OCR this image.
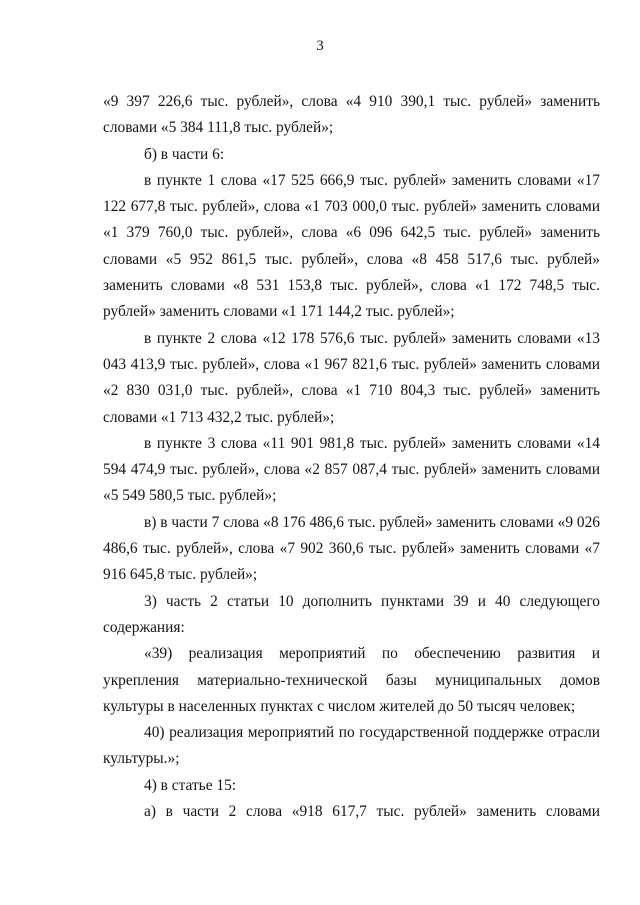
3

«9 397 226,6 тыс. рублей», слова «4 910 390,1 тыс. рублей» заменить словами «5 384 111,8 тыс. рублей»;

б) в части 6:

в пункте 1 слова «17 525 666,9 тыс. рублей» заменить словами «17 122 677,8 тыс. рублей», слова «1 703 000,0 тыс. рублей» заменить словами «1 379 760,0 тыс. рублей», слова «6 096 642,5 тыс. рублей» заменить словами «5 952 861,5 тыс. рублей», слова «8 458 517,6 тыс. рублей» заменить словами «8 531 153,8 тыс. рублей», слова «1 172 748,5 тыс. рублей» заменить словами «1 171 144,2 тыс. рублей»;

в пункте 2 слова «12 178 576,6 тыс. рублей» заменить словами «13 043 413,9 тыс. рублей», слова «1 967 821,6 тыс. рублей» заменить словами «2 830 031,0 тыс. рублей», слова «1 710 804,3 тыс. рублей» заменить словами «1 713 432,2 тыс. рублей»;

в пункте 3 слова «11 901 981,8 тыс. рублей» заменить словами «14 594 474,9 тыс. рублей», слова «2 857 087,4 тыс. рублей» заменить словами «5 549 580,5 тыс. рублей»;

в) в части 7 слова «8 176 486,6 тыс. рублей» заменить словами «9 026 486,6 тыс. рублей», слова «7 902 360,6 тыс. рублей» заменить словами «7 916 645,8 тыс. рублей»;

3) часть 2 статьи 10 дополнить пунктами 39 и 40 следующего содержания:

«39) реализация мероприятий по обеспечению развития и укрепления материально-технической базы муниципальных домов культуры в населенных пунктах с числом жителей до 50 тысяч человек;

40) реализация мероприятий по государственной поддержке отрасли культуры.»;

4) в статье 15:

а) в части 2 слова «918 617,7 тыс. рублей» заменить словами
